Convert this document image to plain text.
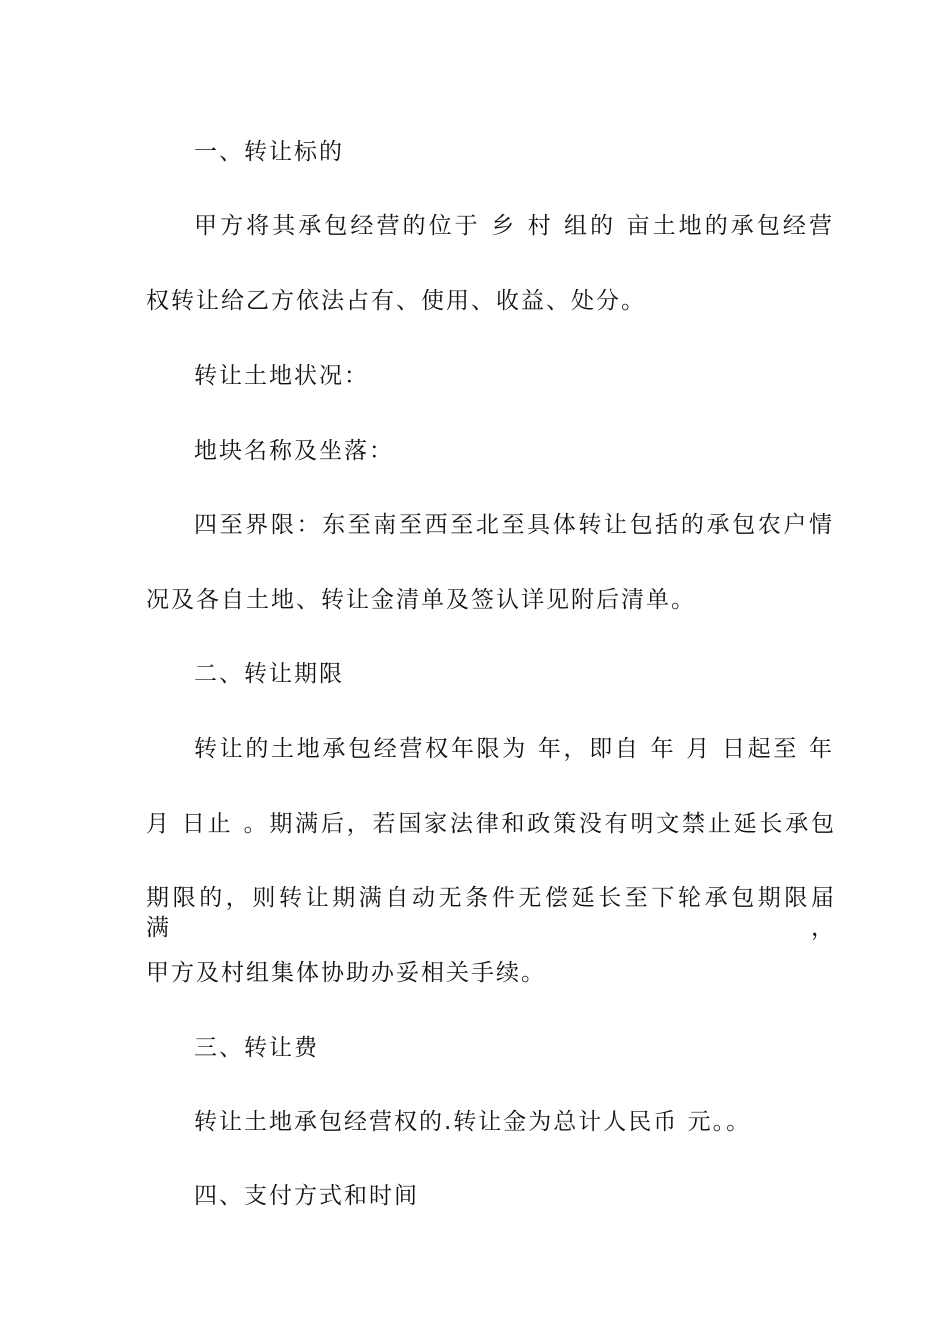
一、转让标的
甲方将其承包经营的位于 乡 村 组的 亩土地的承包经营
权转让给乙方依法占有、使用、收益、处分。
转让土地状况：
地块名称及坐落：
四至界限：东至南至西至北至具体转让包括的承包农户情
况及各自土地、转让金清单及签认详见附后清单。
二、转让期限
转让的土地承包经营权年限为 年，即自 年 月 日起至 年
月 日止 。期满后，若国家法律和政策没有明文禁止延长承包
期限的，则转让期满自动无条件无偿延长至下轮承包期限届满，
甲方及村组集体协助办妥相关手续。
三、转让费
转让土地承包经营权的.转让金为总计人民币 元。。
四、支付方式和时间
